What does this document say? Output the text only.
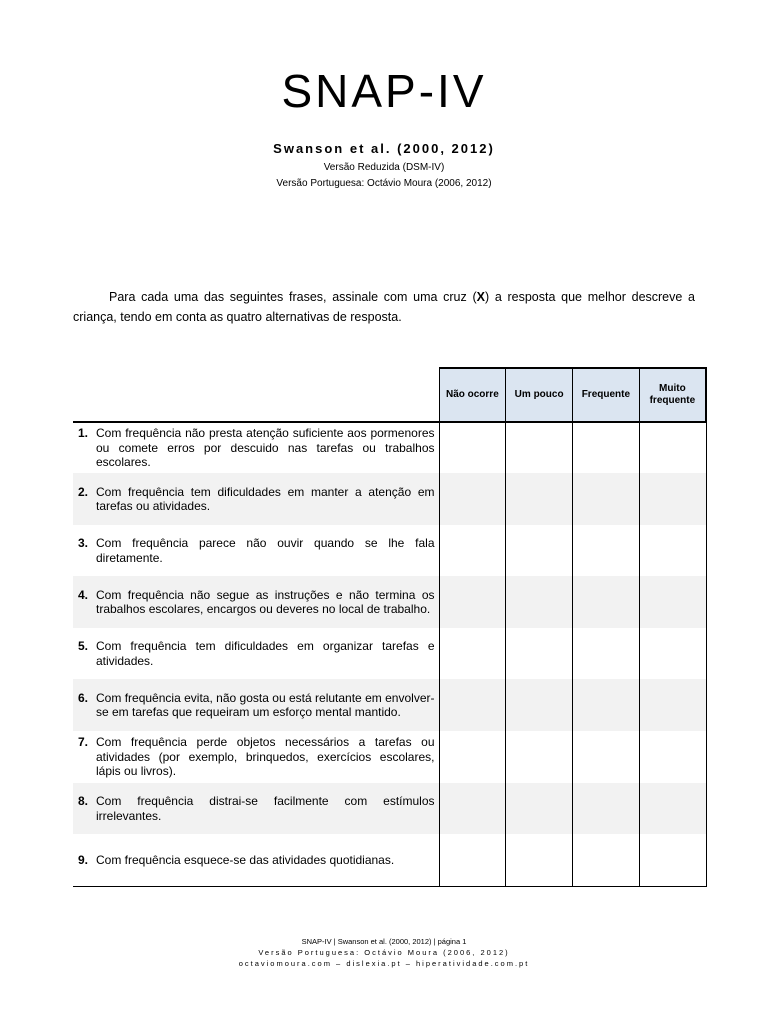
SNAP-IV
Swanson et al. (2000, 2012)
Versão Reduzida (DSM-IV)
Versão Portuguesa: Octávio Moura (2006, 2012)

Para cada uma das seguintes frases, assinale com uma cruz (X) a resposta que melhor descreve a criança, tendo em conta as quatro alternativas de resposta.

	Não ocorre	Um pouco	Frequente	Muito frequente

1. Com frequência não presta atenção suficiente aos pormenores ou comete erros por descuido nas tarefas ou trabalhos escolares.				

2. Com frequência tem dificuldades em manter a atenção em tarefas ou atividades.				

3. Com frequência parece não ouvir quando se lhe fala diretamente.				

4. Com frequência não segue as instruções e não termina os trabalhos escolares, encargos ou deveres no local de trabalho.				

5. Com frequência tem dificuldades em organizar tarefas e atividades.				

6. Com frequência evita, não gosta ou está relutante em envolver-se em tarefas que requeiram um esforço mental mantido.				

7. Com frequência perde objetos necessários a tarefas ou atividades (por exemplo, brinquedos, exercícios escolares, lápis ou livros).				

8. Com frequência distrai-se facilmente com estímulos irrelevantes.				

9. Com frequência esquece-se das atividades quotidianas.				

SNAP-IV | Swanson et al. (2000, 2012) | página 1
Versão Portuguesa: Octávio Moura (2006, 2012)
octaviomoura.com – dislexia.pt – hiperatividade.com.pt
